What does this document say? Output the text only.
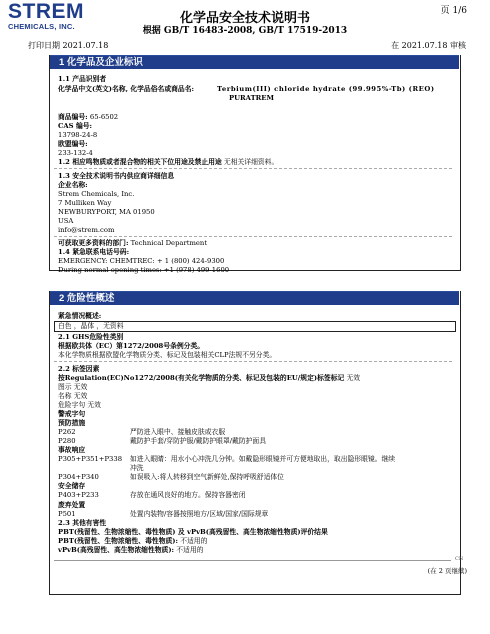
STREM
CHEMICALS, INC.
化学品安全技术说明书
根据 GB/T 16483-2008, GB/T 17519-2013
页 1/6
打印日期 2021.07.18	在 2021.07.18 审核
1 化学品及企业标识
1.1 产品识别者
化学品中文(英文)名称, 化学品俗名或商品名:	Terbium(III) chloride hydrate (99.995%-Tb) (REO)
PURATREM
商品编号: 65-6502
CAS 编号:
13798-24-8
欧盟编号:
233-132-4
1.2 相应鸣物质或者混合物的相关下位用途及禁止用途 无相关详细资料。
1.3 安全技术说明书内供应商详细信息
企业名称:
Strem Chemicals, Inc.
7 Mulliken Way
NEWBURYPORT, MA 01950
USA
info@strem.com
可获取更多资料的部门: Technical Department
1.4 紧急联系电话号码:
EMERGENCY: CHEMTREC: + 1 (800) 424-9300
During normal opening times: +1 (978) 499-1600
2 危险性概述
紧急情况概述:
白色 ，晶体 ，无资料
2.1 GHS危险性类别
根据欧共体（EC）第1272/2008号条例分类。
本化学物质根据欧盟化学物质分类、标记及包装相关CLP法规不另分类。
2.2 标签因素
按Regulation(EC)No1272/2008(有关化学物质的分类、标记及包装的EU/规定)标签标记 无效
图示 无效
名称 无效
危险字句 无效
警戒字句
预防措施
P262	严防进入眼中、接触皮肤或衣服
P280	戴防护手套/穿防护服/戴防护眼罩/戴防护面具
事故响应
P305+P351+P338 如进入眼睛：用水小心冲洗几分钟。如戴隐形眼镜并可方便地取出，取出隐形眼镜。继续
冲洗
P304+P340	如误吸入:将人转移到空气新鲜处,保持呼吸舒适体位
安全储存
P403+P233	存放在通风良好的地方。保持容器密闭
废弃处置
P501	处置内装物/容器按照地方/区域/国家/国际规章
2.3 其他有害性
PBT(残留性、生物浓缩性、毒性物质) 及 vPvB(高残留性、高生物浓缩性物质)评价结果
PBT(残留性、生物浓缩性、毒性物质): 不适用的
vPvB(高残留性、高生物浓缩性物质): 不适用的
CN
(在 2 页继续)
